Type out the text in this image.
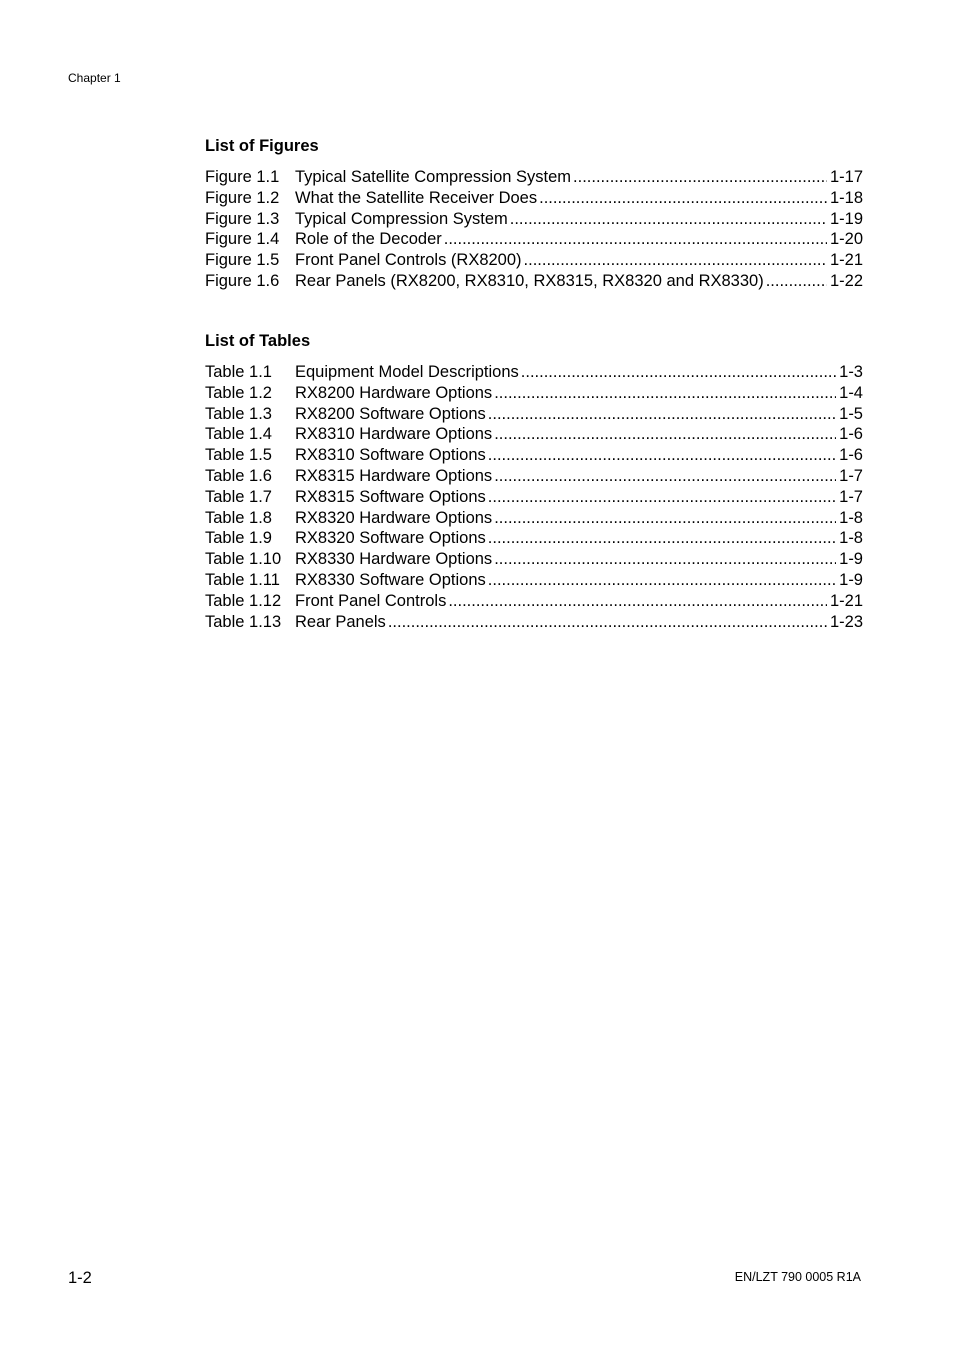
Chapter 1
List of Figures
Figure 1.1 Typical Satellite Compression System .....	1-17
Figure 1.2 What the Satellite Receiver Does .....	1-18
Figure 1.3 Typical Compression System .....	1-19
Figure 1.4 Role of the Decoder .....	1-20
Figure 1.5 Front Panel Controls (RX8200) .....	1-21
Figure 1.6 Rear Panels (RX8200, RX8310, RX8315, RX8320 and RX8330) .....	1-22
List of Tables
Table 1.1	Equipment Model Descriptions .....	1-3
Table 1.2	RX8200 Hardware Options .....	1-4
Table 1.3	RX8200 Software Options .....	1-5
Table 1.4	RX8310 Hardware Options .....	1-6
Table 1.5	RX8310 Software Options .....	1-6
Table 1.6	RX8315 Hardware Options .....	1-7
Table 1.7	RX8315 Software Options .....	1-7
Table 1.8	RX8320 Hardware Options .....	1-8
Table 1.9	RX8320 Software Options .....	1-8
Table 1.10 RX8330 Hardware Options .....	1-9
Table 1.11 RX8330 Software Options .....	1-9
Table 1.12 Front Panel Controls .....	1-21
Table 1.13 Rear Panels .....	1-23
1-2	EN/LZT 790 0005 R1A
